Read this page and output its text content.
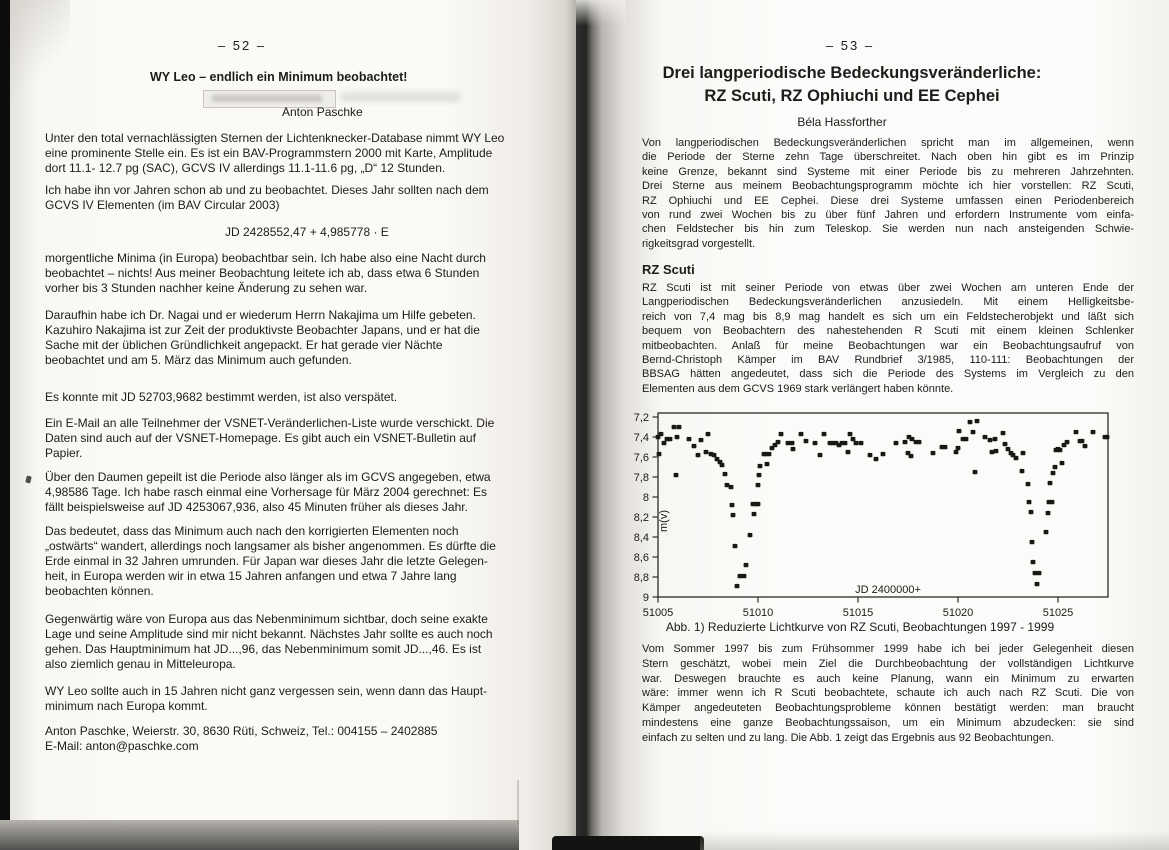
– 52 –
WY Leo – endlich ein Minimum beobachtet!
Anton Paschke
Unter den total vernachlässigten Sternen der Lichtenknecker-Database nimmt WY Leo
eine prominente Stelle ein. Es ist ein BAV-Programmstern 2000 mit Karte, Amplitude
dort 11.1- 12.7 pg (SAC), GCVS IV allerdings 11.1-11.6 pg, „D“ 12 Stunden.
Ich habe ihn vor Jahren schon ab und zu beobachtet. Dieses Jahr sollten nach dem
GCVS IV Elementen (im BAV Circular 2003)
JD 2428552,47 + 4,985778 · E
morgentliche Minima (in Europa) beobachtbar sein. Ich habe also eine Nacht durch
beobachtet – nichts! Aus meiner Beobachtung leitete ich ab, dass etwa 6 Stunden
vorher bis 3 Stunden nachher keine Änderung zu sehen war.
Daraufhin habe ich Dr. Nagai und er wiederum Herrn Nakajima um Hilfe gebeten.
Kazuhiro Nakajima ist zur Zeit der produktivste Beobachter Japans, und er hat die
Sache mit der üblichen Gründlichkeit angepackt. Er hat gerade vier Nächte
beobachtet und am 5. März das Minimum auch gefunden.
Es konnte mit JD 52703,9682 bestimmt werden, ist also verspätet.
Ein E-Mail an alle Teilnehmer der VSNET-Veränderlichen-Liste wurde verschickt. Die
Daten sind auch auf der VSNET-Homepage. Es gibt auch ein VSNET-Bulletin auf
Papier.
Über den Daumen gepeilt ist die Periode also länger als im GCVS angegeben, etwa
4,98586 Tage. Ich habe rasch einmal eine Vorhersage für März 2004 gerechnet: Es
fällt beispielsweise auf JD 4253067,936, also 45 Minuten früher als dieses Jahr.
Das bedeutet, dass das Minimum auch nach den korrigierten Elementen noch
„ostwärts“ wandert, allerdings noch langsamer als bisher angenommen. Es dürfte die
Erde einmal in 32 Jahren umrunden. Für Japan war dieses Jahr die letzte Gelegen-
heit, in Europa werden wir in etwa 15 Jahren anfangen und etwa 7 Jahre lang
beobachten können.
Gegenwärtig wäre von Europa aus das Nebenminimum sichtbar, doch seine exakte
Lage und seine Amplitude sind mir nicht bekannt. Nächstes Jahr sollte es auch noch
gehen. Das Hauptminimum hat JD...,96, das Nebenminimum somit JD...,46. Es ist
also ziemlich genau in Mitteleuropa.
WY Leo sollte auch in 15 Jahren nicht ganz vergessen sein, wenn dann das Haupt-
minimum nach Europa kommt.
Anton Paschke, Weierstr. 30, 8630 Rüti, Schweiz, Tel.: 004155 – 2402885
E-Mail: anton@paschke.com
– 53 –
Drei langperiodische Bedeckungsveränderliche:
RZ Scuti, RZ Ophiuchi und EE Cephei
Béla Hassforther
Von langperiodischen Bedeckungsveränderlichen spricht man im allgemeinen, wenn
die Periode der Sterne zehn Tage überschreitet. Nach oben hin gibt es im Prinzip
keine Grenze, bekannt sind Systeme mit einer Periode bis zu mehreren Jahrzehnten.
Drei Sterne aus meinem Beobachtungsprogramm möchte ich hier vorstellen: RZ Scuti,
RZ Ophiuchi und EE Cephei. Diese drei Systeme umfassen einen Periodenbereich
von rund zwei Wochen bis zu über fünf Jahren und erfordern Instrumente vom einfa-
chen Feldstecher bis hin zum Teleskop. Sie werden nun nach ansteigenden Schwie-
rigkeitsgrad vorgestellt.
RZ Scuti
RZ Scuti ist mit seiner Periode von etwas über zwei Wochen am unteren Ende der
Langperiodischen Bedeckungsveränderlichen anzusiedeln. Mit einem Helligkeitsbe-
reich von 7,4 mag bis 8,9 mag handelt es sich um ein Feldstecherobjekt und läßt sich
bequem von Beobachtern des nahestehenden R Scuti mit einem kleinen Schlenker
mitbeobachten. Anlaß für meine Beobachtungen war ein Beobachtungsaufruf von
Bernd-Christoph Kämper im BAV Rundbrief 3/1985, 110-111: Beobachtungen der
BBSAG hätten angedeutet, dass sich die Periode des Systems im Vergleich zu den
Elementen aus dem GCVS 1969 stark verlängert haben könnte.
7,2
7,4
7,6
7,8
8
8,2
8,4
8,6
8,8
9
51005	51010	51015	51020	51025
JD 2400000+
m(v)
Abb. 1) Reduzierte Lichtkurve von RZ Scuti, Beobachtungen 1997 - 1999
Vom Sommer 1997 bis zum Frühsommer 1999 habe ich bei jeder Gelegenheit diesen
Stern geschätzt, wobei mein Ziel die Durchbeobachtung der vollständigen Lichtkurve
war. Deswegen brauchte es auch keine Planung, wann ein Minimum zu erwarten
wäre: immer wenn ich R Scuti beobachtete, schaute ich auch nach RZ Scuti. Die von
Kämper angedeuteten Beobachtungsprobleme können bestätigt werden: man braucht
mindestens eine ganze Beobachtungssaison, um ein Minimum abzudecken: sie sind
einfach zu selten und zu lang. Die Abb. 1 zeigt das Ergebnis aus 92 Beobachtungen.
